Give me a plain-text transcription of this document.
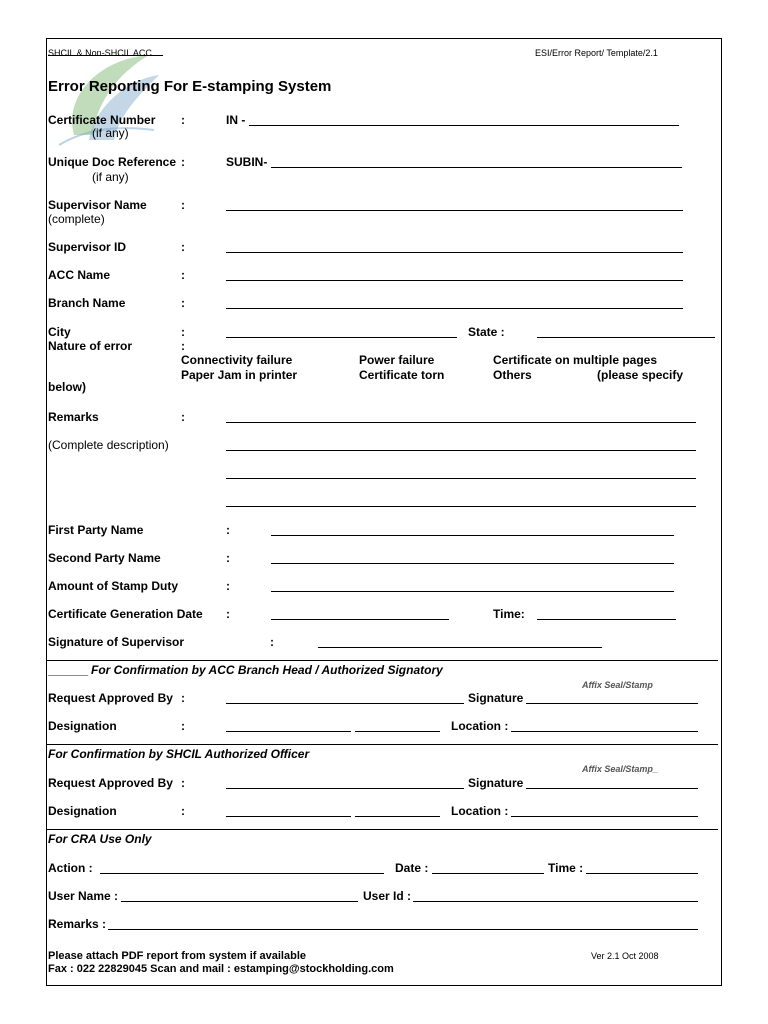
SHCIL & Non-SHCIL ACC	ESI/Error Report/ Template/2.1
Error Reporting For E-stamping System
Certificate Number
(if any)
:	IN -
Unique Doc Reference
(if any)
:	SUBIN-
Supervisor Name
(complete)
:
Supervisor ID	:
ACC Name	:
Branch Name	:
City	:	State :
Nature of error	:
Connectivity failure	Power failure	Certificate on multiple pages
Paper Jam in printer	Certificate torn	Others	(please specify
below)
Remarks	:
(Complete description)
First Party Name	:
Second Party Name	:
Amount of Stamp Duty	:
Certificate Generation Date :	Time:
Signature of Supervisor	:
______ For Confirmation by ACC Branch Head / Authorized Signatory
Affix Seal/Stamp
Request Approved By :	Signature
Designation	:	Location :
For Confirmation by SHCIL Authorized Officer
Affix Seal/Stamp_
Request Approved By :	Signature
Designation	:	Location :
For CRA Use Only
Action :	Date :	Time :
User Name :	User Id :
Remarks :
Please attach PDF report from system if available
Fax : 022 22829045 Scan and mail : estamping@stockholding.com
Ver 2.1 Oct 2008
